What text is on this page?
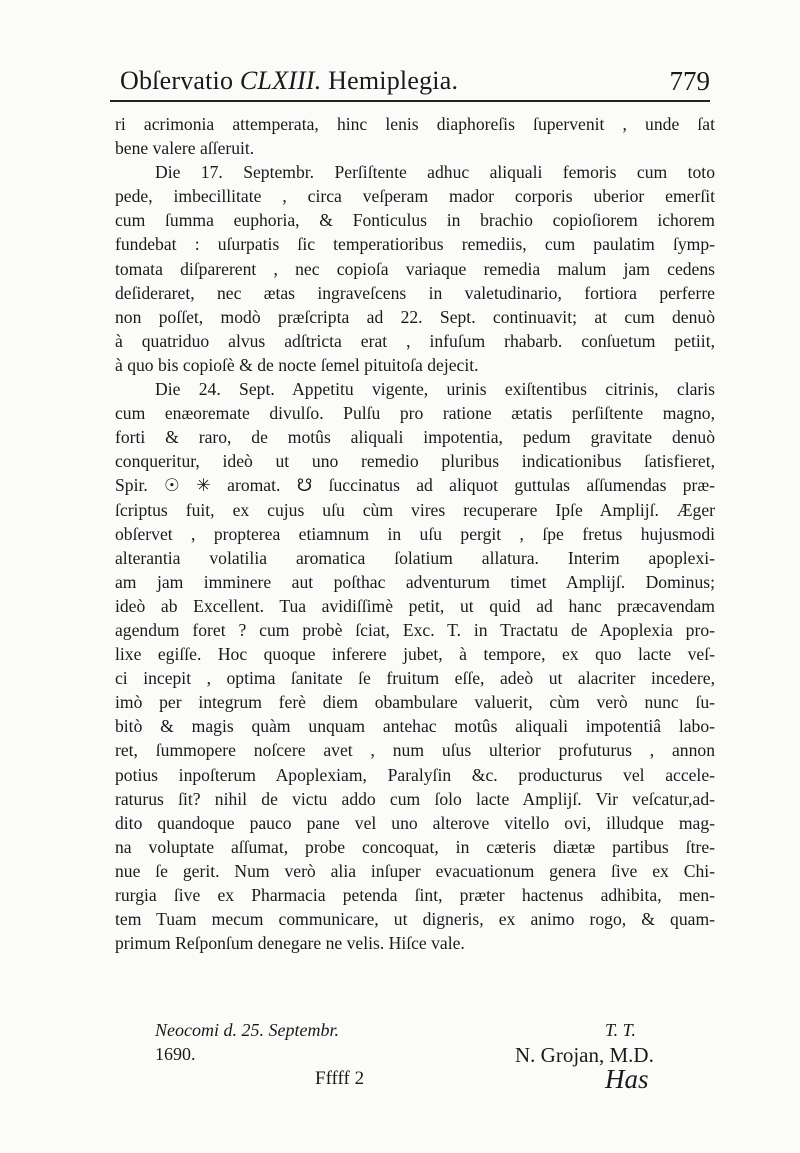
Obſervatio CLXIII. Hemiplegia.	779
ri acrimonia attemperata, hinc lenis diaphoreſis ſupervenit , unde ſat
bene valere aſſeruit.
Die 17. Septembr. Perſiſtente adhuc aliquali femoris cum toto
pede, imbecillitate , circa veſperam mador corporis uberior emerſit
cum ſumma euphoria, & Fonticulus in brachio copioſiorem ichorem
fundebat : uſurpatis ſic temperatioribus remediis, cum paulatim ſymp-
tomata diſparerent , nec copioſa variaque remedia malum jam cedens
deſideraret, nec ætas ingraveſcens in valetudinario, fortiora perferre
non poſſet, modò præſcripta ad 22. Sept. continuavit; at cum denuò
à quatriduo alvus adſtricta erat , infuſum rhabarb. conſuetum petiit,
à quo bis copioſè & de nocte ſemel pituitoſa dejecit.
Die 24. Sept. Appetitu vigente, urinis exiſtentibus citrinis, claris
cum enæoremate divulſo. Pulſu pro ratione ætatis perſiſtente magno,
forti & raro, de motûs aliquali impotentia, pedum gravitate denuò
conqueritur, ideò ut uno remedio pluribus indicationibus ſatisfieret,
Spir. ☉ ✳ aromat. ☋ ſuccinatus ad aliquot guttulas aſſumendas præ-
ſcriptus fuit, ex cujus uſu cùm vires recuperare Ipſe Amplijſ. Æger
obſervet , propterea etiamnum in uſu pergit , ſpe fretus hujusmodi
alterantia volatilia aromatica ſolatium allatura. Interim apoplexi-
am jam imminere aut poſthac adventurum timet Amplijſ. Dominus;
ideò ab Excellent. Tua avidiſſimè petit, ut quid ad hanc præcavendam
agendum foret ? cum probè ſciat, Exc. T. in Tractatu de Apoplexia pro-
lixe egiſſe. Hoc quoque inferere jubet, à tempore, ex quo lacte veſ-
ci incepit , optima ſanitate ſe fruitum eſſe, adeò ut alacriter incedere,
imò per integrum ferè diem obambulare valuerit, cùm verò nunc ſu-
bitò & magis quàm unquam antehac motûs aliquali impotentiâ labo-
ret, ſummopere noſcere avet , num uſus ulterior profuturus , annon
potius inpoſterum Apoplexiam, Paralyſin &c. producturus vel accele-
raturus ſit? nihil de victu addo cum ſolo lacte Amplijſ. Vir veſcatur,ad-
dito quandoque pauco pane vel uno alterove vitello ovi, illudque mag-
na voluptate aſſumat, probe concoquat, in cæteris diætæ partibus ſtre-
nue ſe gerit. Num verò alia inſuper evacuationum genera ſive ex Chi-
rurgia ſive ex Pharmacia petenda ſint, præter hactenus adhibita, men-
tem Tuam mecum communicare, ut digneris, ex animo rogo, & quam-
primum Reſponſum denegare ne velis. Hiſce vale.
Neocomi d. 25. Septembr.
1690.
T. T.
N. Grojan, M.D.
Fffff 2	Has
